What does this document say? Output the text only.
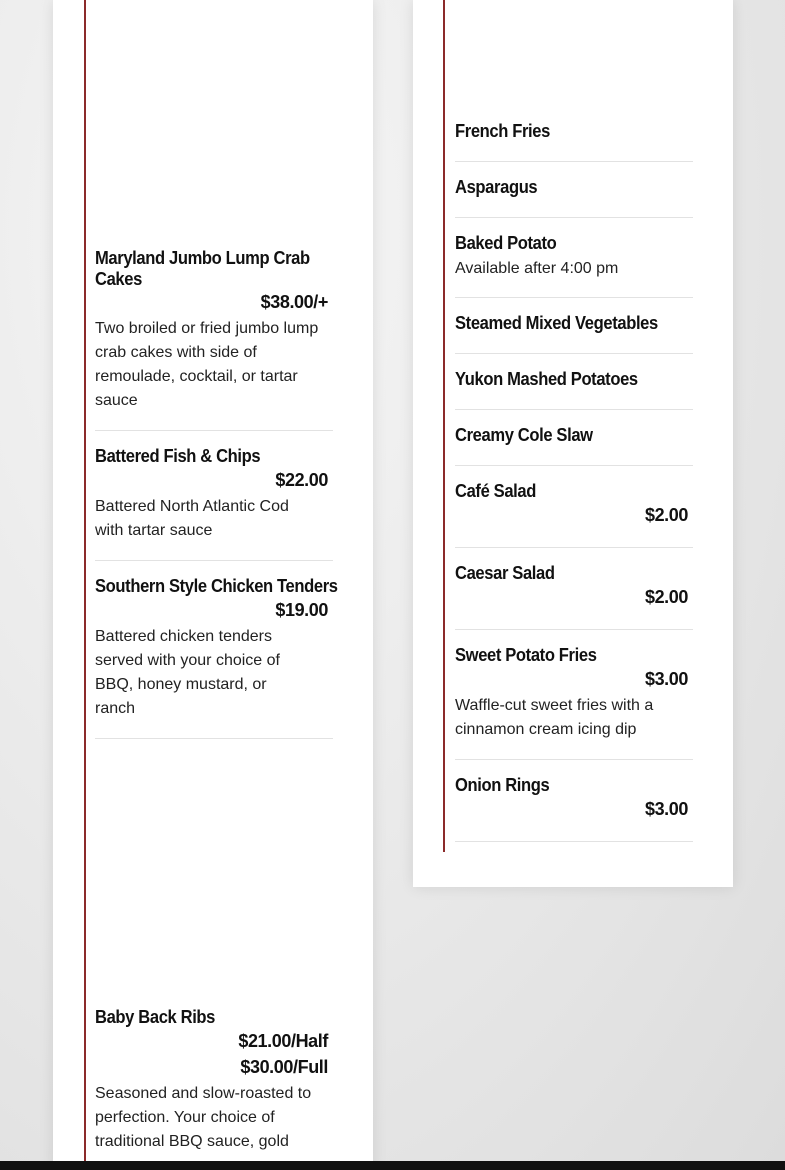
Maryland Jumbo Lump Crab Cakes
$38.00/+
Two broiled or fried jumbo lump crab cakes with side of remoulade, cocktail, or tartar sauce
Battered Fish & Chips
$22.00
Battered North Atlantic Cod with tartar sauce
Southern Style Chicken Tenders
$19.00
Battered chicken tenders served with your choice of BBQ, honey mustard, or ranch
Baby Back Ribs
$21.00/Half
$30.00/Full
Seasoned and slow-roasted to perfection. Your choice of traditional BBQ sauce, gold
French Fries
Asparagus
Baked Potato
Available after 4:00 pm
Steamed Mixed Vegetables
Yukon Mashed Potatoes
Creamy Cole Slaw
Café Salad
$2.00
Caesar Salad
$2.00
Sweet Potato Fries
$3.00
Waffle-cut sweet fries with a cinnamon cream icing dip
Onion Rings
$3.00
